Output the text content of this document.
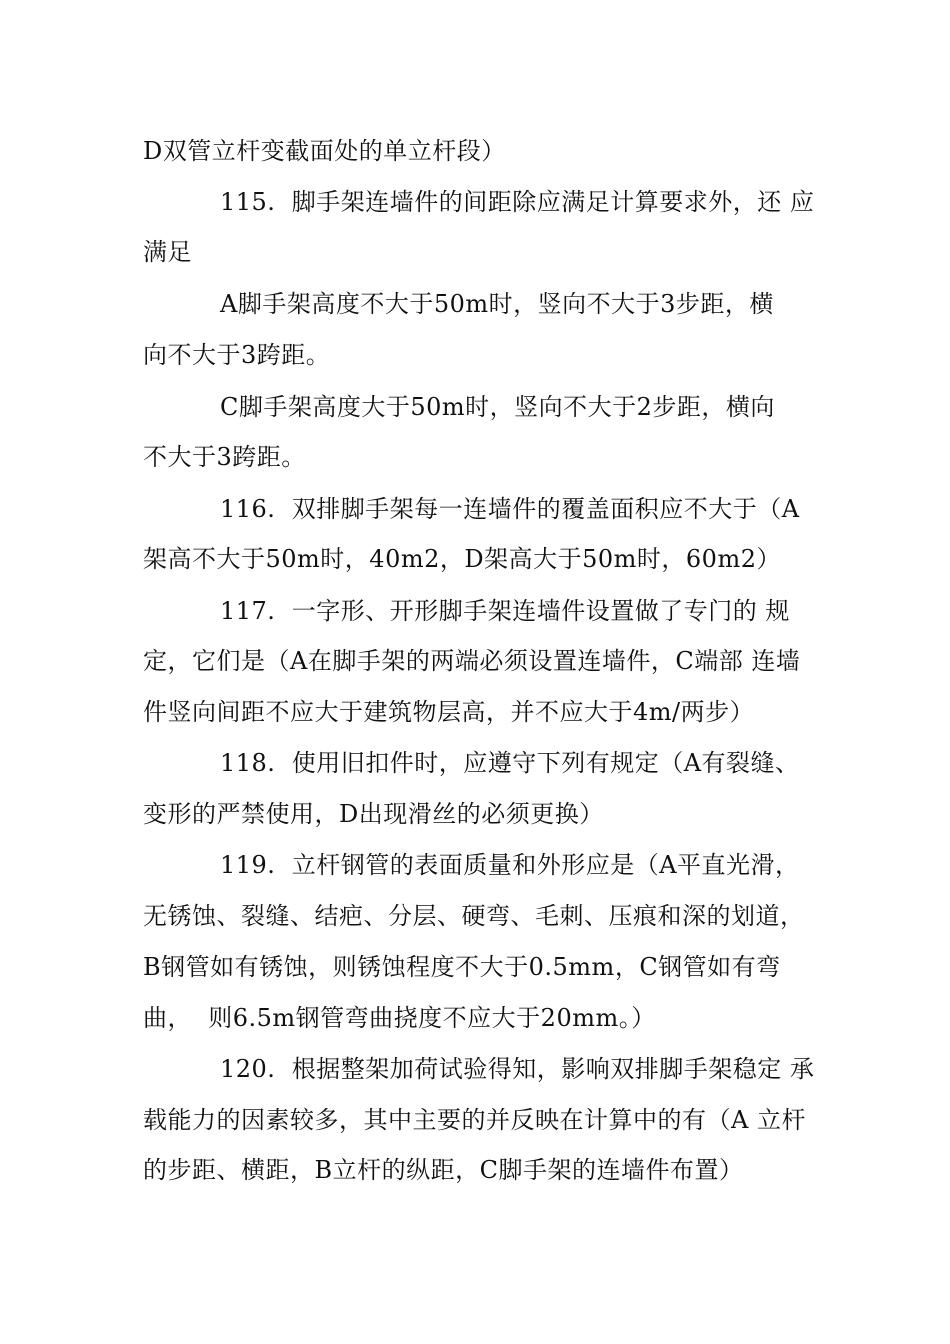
D双管立杆变截面处的单立杆段）
115.  脚手架连墙件的间距除应满足计算要求外，还 应
满足
A脚手架高度不大于50m时，竖向不大于3步距，横
向不大于3跨距。
C脚手架高度大于50m时，竖向不大于2步距，横向
不大于3跨距。
116.  双排脚手架每一连墙件的覆盖面积应不大于（A
架高不大于50m时，40m2，D架高大于50m时，60m2）
117.  一字形、开形脚手架连墙件设置做了专门的 规
定，它们是（A在脚手架的两端必须设置连墙件，C端部 连墙
件竖向间距不应大于建筑物层高，并不应大于4m/两步）
118.  使用旧扣件时，应遵守下列有规定（A有裂缝、
变形的严禁使用，D出现滑丝的必须更换）
119.  立杆钢管的表面质量和外形应是（A平直光滑，
无锈蚀、裂缝、结疤、分层、硬弯、毛刺、压痕和深的划道，
B钢管如有锈蚀，则锈蚀程度不大于0.5mm，C钢管如有弯
曲，  则6.5m钢管弯曲挠度不应大于20mm。）
120.  根据整架加荷试验得知，影响双排脚手架稳定 承
载能力的因素较多，其中主要的并反映在计算中的有（A 立杆
的步距、横距，B立杆的纵距，C脚手架的连墙件布置）
